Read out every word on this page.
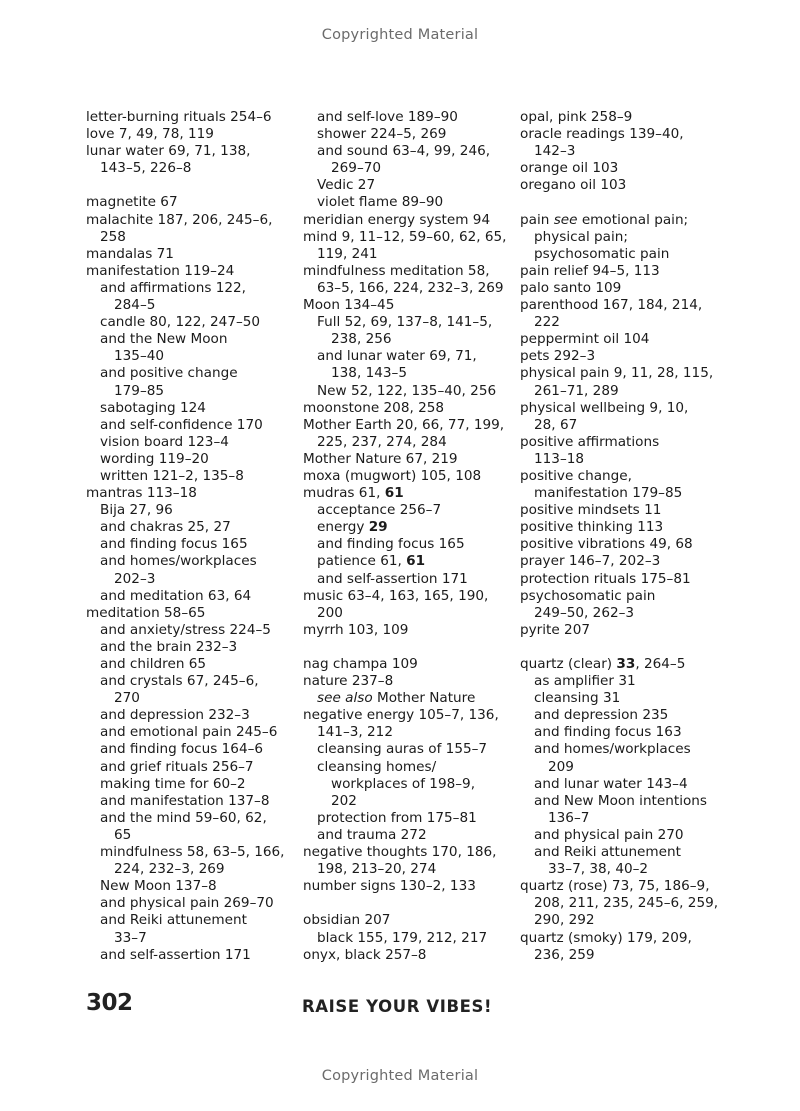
Copyrighted Material
letter-burning rituals 254–6
love 7, 49, 78, 119
lunar water 69, 71, 138,
143–5, 226–8
magnetite 67
malachite 187, 206, 245–6,
258
mandalas 71
manifestation 119–24
and affirmations 122,
284–5
candle 80, 122, 247–50
and the New Moon
135–40
and positive change
179–85
sabotaging 124
and self-confidence 170
vision board 123–4
wording 119–20
written 121–2, 135–8
mantras 113–18
Bija 27, 96
and chakras 25, 27
and finding focus 165
and homes/workplaces
202–3
and meditation 63, 64
meditation 58–65
and anxiety/stress 224–5
and the brain 232–3
and children 65
and crystals 67, 245–6,
270
and depression 232–3
and emotional pain 245–6
and finding focus 164–6
and grief rituals 256–7
making time for 60–2
and manifestation 137–8
and the mind 59–60, 62,
65
mindfulness 58, 63–5, 166,
224, 232–3, 269
New Moon 137–8
and physical pain 269–70
and Reiki attunement
33–7
and self-assertion 171
and self-love 189–90
shower 224–5, 269
and sound 63–4, 99, 246,
269–70
Vedic 27
violet flame 89–90
meridian energy system 94
mind 9, 11–12, 59–60, 62, 65,
119, 241
mindfulness meditation 58,
63–5, 166, 224, 232–3, 269
Moon 134–45
Full 52, 69, 137–8, 141–5,
238, 256
and lunar water 69, 71,
138, 143–5
New 52, 122, 135–40, 256
moonstone 208, 258
Mother Earth 20, 66, 77, 199,
225, 237, 274, 284
Mother Nature 67, 219
moxa (mugwort) 105, 108
mudras 61, 61
acceptance 256–7
energy 29
and finding focus 165
patience 61, 61
and self-assertion 171
music 63–4, 163, 165, 190,
200
myrrh 103, 109
nag champa 109
nature 237–8
see also Mother Nature
negative energy 105–7, 136,
141–3, 212
cleansing auras of 155–7
cleansing homes/
workplaces of 198–9,
202
protection from 175–81
and trauma 272
negative thoughts 170, 186,
198, 213–20, 274
number signs 130–2, 133
obsidian 207
black 155, 179, 212, 217
onyx, black 257–8
opal, pink 258–9
oracle readings 139–40,
142–3
orange oil 103
oregano oil 103
pain see emotional pain;
physical pain;
psychosomatic pain
pain relief 94–5, 113
palo santo 109
parenthood 167, 184, 214,
222
peppermint oil 104
pets 292–3
physical pain 9, 11, 28, 115,
261–71, 289
physical wellbeing 9, 10,
28, 67
positive affirmations
113–18
positive change,
manifestation 179–85
positive mindsets 11
positive thinking 113
positive vibrations 49, 68
prayer 146–7, 202–3
protection rituals 175–81
psychosomatic pain
249–50, 262–3
pyrite 207
quartz (clear) 33, 264–5
as amplifier 31
cleansing 31
and depression 235
and finding focus 163
and homes/workplaces
209
and lunar water 143–4
and New Moon intentions
136–7
and physical pain 270
and Reiki attunement
33–7, 38, 40–2
quartz (rose) 73, 75, 186–9,
208, 211, 235, 245–6, 259,
290, 292
quartz (smoky) 179, 209,
236, 259
302	RAISE YOUR VIBES!
Copyrighted Material
